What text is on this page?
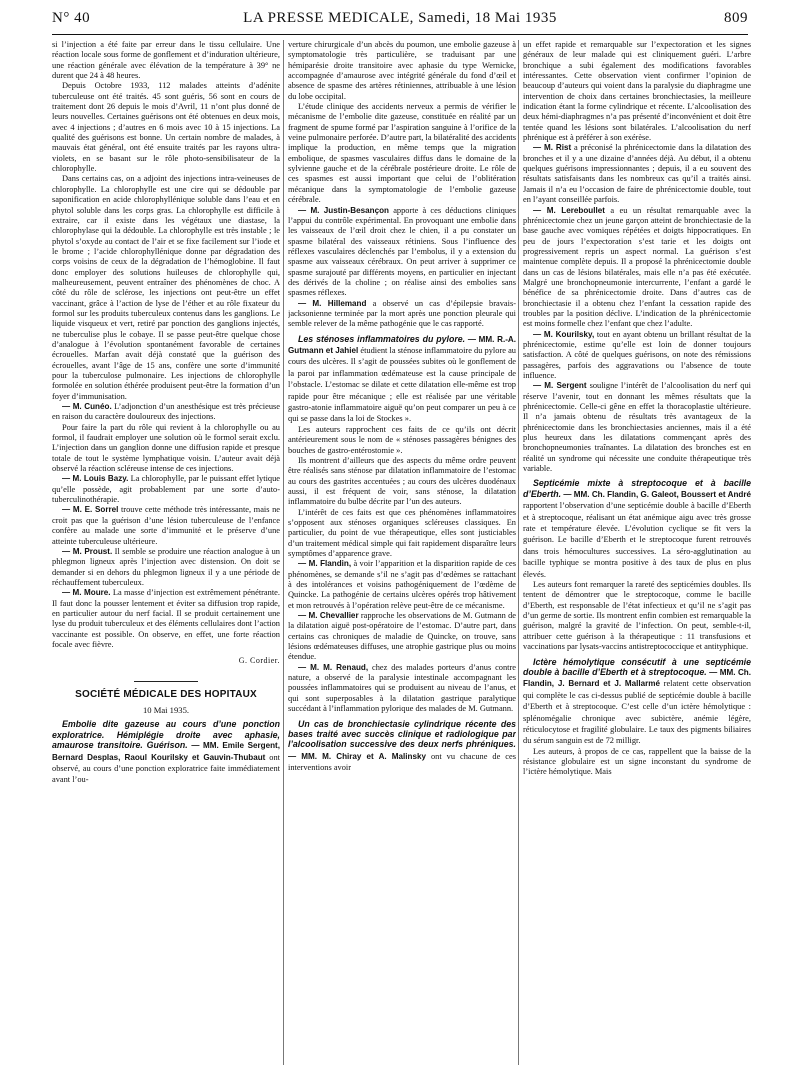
N° 40	LA PRESSE MEDICALE, Samedi, 18 Mai 1935	809

si l’injection a été faite par erreur dans le tissu cellulaire. Une réaction locale sous forme de gonflement et d’induration ultérieure, une réaction générale avec élévation de la température à 39° ne durent que 24 à 48 heures.

Depuis Octobre 1933, 112 malades atteints d’adénite tuberculeuse ont été traités. 45 sont guéris, 56 sont en cours de traitement dont 26 depuis le mois d’Avril, 11 n’ont plus donné de leurs nouvelles. Certaines guérisons ont été obtenues en deux mois, avec 4 injections ; d’autres en 6 mois avec 10 à 15 injections. La qualité des guérisons est bonne. Un certain nombre de malades, à mauvais état général, ont été ensuite traités par les rayons ultra-violets, en se basant sur le rôle photo-sensibilisateur de la chlorophylle.

Dans certains cas, on a adjoint des injections intra-veineuses de chlorophylle. La chlorophylle est une cire qui se dédouble par saponification en acide chlorophyllénique soluble dans l’eau et en phytol soluble dans les corps gras. La chlorophylle est difficile à extraire, car il existe dans les végétaux une diastase, la chlorophylase qui la dédouble. La chlorophylle est très instable ; le phytol s’oxyde au contact de l’air et se fixe facilement sur l’iode et le brome ; l’acide chlorophyllénique donne par dégradation des corps voisins de ceux de la dégradation de l’hémoglobine. Il faut donc employer des solutions huileuses de chlorophylle qui, malheureusement, peuvent entraîner des phénomènes de choc. A côté du rôle de sclérose, les injections ont peut-être un effet vaccinant, grâce à l’action de lyse de l’éther et au rôle fixateur du formol sur les produits tuberculeux contenus dans les ganglions. Le liquide visqueux et vert, retiré par ponction des ganglions injectés, ne tuberculise plus le cobaye. Il se passe peut-être quelque chose d’analogue à l’évolution spontanément favorable de certaines écrouelles. Marfan avait déjà constaté que la guérison des écrouelles, avant l’âge de 15 ans, confère une sorte d’immunité pour la tuberculose pulmonaire. Les injections de chlorophylle formolée en solution éthérée produisent peut-être la formation d’un foyer d’immunisation.

— M. Cunéo. L’adjonction d’un anesthésique est très précieuse en raison du caractère douloureux des injections.

Pour faire la part du rôle qui revient à la chlorophylle ou au formol, il faudrait employer une solution où le formol serait exclu. L’injection dans un ganglion donne une diffusion rapide et presque totale de tout le système lymphatique voisin. L’auteur avait déjà observé la réaction scléreuse intense de ces injections.

— M. Louis Bazy. La chlorophylle, par le puissant effet lytique qu’elle possède, agit probablement par une sorte d’auto-tuberculinothérapie.

— M. E. Sorrel trouve cette méthode très intéressante, mais ne croit pas que la guérison d’une lésion tuberculeuse de l’enfance confère au malade une sorte d’immunité et le préserve d’une atteinte tuberculeuse ultérieure.

— M. Proust. Il semble se produire une réaction analogue à un phlegmon ligneux après l’injection avec distension. On doit se demander si en dehors du phlegmon ligneux il y a une période de réchauffement tuberculeux.

— M. Moure. La masse d’injection est extrêmement pénétrante. Il faut donc la pousser lentement et éviter sa diffusion trop rapide, en particulier autour du nerf facial. Il se produit certainement une lyse du produit tuberculeux et des éléments cellulaires dont l’action vaccinante est possible. On observe, en effet, une forte réaction focale avec fièvre.

G. Cordier.
SOCIÉTÉ MÉDICALE DES HOPITAUX
10 Mai 1935.

Embolie dite gazeuse au cours d’une ponction exploratrice. Hémiplégie droite avec aphasie, amaurose transitoire. Guérison. — MM. Emile Sergent, Bernard Desplas, Raoul Kourilsky et Gauvin-Thubaut ont observé, au cours d’une ponction exploratrice faite immédiatement avant l’ou-

verture chirurgicale d’un abcès du poumon, une embolie gazeuse à symptomatologie très particulière, se traduisant par une hémiparésie droite transitoire avec aphasie du type Wernicke, accompagnée d’amaurose avec intégrité générale du fond d’œil et absence de spasme des artères rétiniennes, attribuable à une lésion du lobe occipital.

L’étude clinique des accidents nerveux a permis de vérifier le mécanisme de l’embolie dite gazeuse, constituée en réalité par un fragment de spume formé par l’aspiration sanguine à l’orifice de la veine pulmonaire perforée. D’autre part, la bilatéralité des accidents implique la production, en même temps que la migration embolique, de spasmes vasculaires diffus dans le domaine de la sylvienne gauche et de la cérébrale postérieure droite. Le rôle de ces spasmes est aussi important que celui de l’oblitération mécanique dans la symptomatologie de l’embolie gazeuse cérébrale.

— M. Justin-Besançon apporte à ces déductions cliniques l’appui du contrôle expérimental. En provoquant une embolie dans les vaisseaux de l’œil droit chez le chien, il a pu constater un spasme bilatéral des vaisseaux rétiniens. Sous l’influence des réflexes vasculaires déclenchés par l’embolus, il y a extension du spasme aux vaisseaux cérébraux. On peut arriver à supprimer ce spasme surajouté par différents moyens, en particulier en injectant des dérivés de la choline ; on réalise ainsi des embolies sans spasmes réflexes.

— M. Hillemand a observé un cas d’épilepsie bravais-jacksonienne terminée par la mort après une ponction pleurale qui semble relever de la même pathogénie que le cas rapporté.

Les sténoses inflammatoires du pylore. — MM. R.-A. Gutmann et Jahiel étudient la sténose inflammatoire du pylore au cours des ulcères. Il s’agit de poussées subites où le gonflement de la paroi par inflammation œdémateuse est la cause principale de l’obstacle. L’estomac se dilate et cette dilatation elle-même est trop rapide pour être mécanique ; elle est réalisée par une véritable gastro-atonie inflammatoire aiguë qu’on peut comparer un peu à ce qui se passe dans la loi de Stockes ».

Les auteurs rapprochent ces faits de ce qu’ils ont décrit antérieurement sous le nom de « sténoses passagères bénignes des bouches de gastro-entérostomie ».

Ils montrent d’ailleurs que des aspects du même ordre peuvent être réalisés sans sténose par dilatation inflammatoire de l’estomac au cours des gastrites accentuées ; au cours des ulcères duodénaux aussi, il est fréquent de voir, sans sténose, la dilatation inflammatoire du bulbe décrite par l’un des auteurs.

L’intérêt de ces faits est que ces phénomènes inflammatoires s’opposent aux sténoses organiques scléreuses classiques. En particulier, du point de vue thérapeutique, elles sont justiciables d’un traitement médical simple qui fait rapidement disparaître leurs symptômes d’apparence grave.

— M. Flandin, à voir l’apparition et la disparition rapide de ces phénomènes, se demande s’il ne s’agit pas d’œdèmes se rattachant à des intolérances et voisins pathogéniquement de l’œdème de Quincke. La pathogénie de certains ulcères opérés trop hâtivement et mon retrouvés à l’opération relève peut-être de ce mécanisme.

— M. Chevallier rapproche les observations de M. Gutmann de la dilatation aiguë post-opératoire de l’estomac. D’autre part, dans certains cas chroniques de maladie de Quincke, on trouve, sans lésions œdémateuses diffuses, une atrophie gastrique plus ou moins étendue.

— M. M. Renaud, chez des malades porteurs d’anus contre nature, a observé de la paralysie intestinale accompagnant les poussées inflammatoires qui se produisent au niveau de l’anus, et qui sont superposables à la dilatation gastrique paralytique succédant à l’inflammation pylorique des malades de M. Gutmann.

Un cas de bronchiectasie cylindrique récente des bases traité avec succès clinique et radiologique par l’alcoolisation successive des deux nerfs phréniques. — MM. M. Chiray et A. Malinsky ont vu chacune de ces interventions avoir

un effet rapide et remarquable sur l’expectoration et les signes généraux de leur malade qui est cliniquement guéri. L’arbre bronchique a subi également des modifications favorables intéressantes. Cette observation vient confirmer l’opinion de beaucoup d’auteurs qui voient dans la paralysie du diaphragme une intervention de choix dans certaines bronchiectasies, la meilleure indication étant la forme cylindrique et récente. L’alcoolisation des deux hémi-diaphragmes n’a pas présenté d’inconvénient et doit être tentée quand les lésions sont bilatérales. L’alcoolisation du nerf phrénique est à préférer à son exérèse.

— M. Rist a préconisé la phrénicectomie dans la dilatation des bronches et il y a une dizaine d’années déjà. Au début, il a obtenu quelques guérisons impressionnantes ; depuis, il a eu souvent des résultats satisfaisants dans les nombreux cas qu’il a traités ainsi. Jamais il n’a eu l’occasion de faire de phrénicectomie double, tout en l’ayant conseillée parfois.

— M. Lereboullet a eu un résultat remarquable avec la phrénicectomie chez un jeune garçon atteint de bronchiectasie de la base gauche avec vomiques répétées et doigts hippocratiques. En peu de jours l’expectoration s’est tarie et les doigts ont progressivement repris un aspect normal. La guérison s’est maintenue complète depuis. Il a proposé la phrénicectomie double dans un cas de lésions bilatérales, mais elle n’a pas été exécutée. Malgré une bronchopneumonie intercurrente, l’enfant a gardé le bénéfice de sa phrénicectomie droite. Dans d’autres cas de bronchiectasie il a obtenu chez l’enfant la cessation rapide des troubles par la position déclive. L’indication de la phrénicectomie est moins formelle chez l’enfant que chez l’adulte.

— M. Kourilsky, tout en ayant obtenu un brillant résultat de la phrénicectomie, estime qu’elle est loin de donner toujours satisfaction. A côté de quelques guérisons, on note des rémissions passagères, parfois des aggravations ou l’absence de toute influence.

— M. Sergent souligne l’intérêt de l’alcoolisation du nerf qui réserve l’avenir, tout en donnant les mêmes résultats que la phrénicectomie. Celle-ci gêne en effet la thoracoplastie ultérieure. Il n’a jamais obtenu de résultats très avantageux de la phrénicectomie dans les bronchiectasies anciennes, mais il a été plus heureux dans les dilatations commençant après des bronchopneumonies traînantes. La dilatation des bronches est en réalité un syndrome qui nécessite une conduite thérapeutique très variable.

Septicémie mixte à streptocoque et à bacille d’Eberth. — MM. Ch. Flandin, G. Galeot, Boussert et André rapportent l’observation d’une septicémie double à bacille d’Eberth et à streptocoque, réalisant un état anémique aigu avec très grosse rate et température élevée. L’évolution cyclique se fit vers la guérison. Le bacille d’Eberth et le streptocoque furent retrouvés dans trois hémocultures successives. La séro-agglutination au bacille typhique se montra positive à des taux de plus en plus élevés.

Les auteurs font remarquer la rareté des septicémies doubles. Ils tentent de démontrer que le streptocoque, comme le bacille d’Eberth, est responsable de l’état infectieux et qu’il ne s’agit pas d’un germe de sortie. Ils montrent enfin combien est remarquable la guérison, malgré la gravité de l’infection. On peut, semble-t-il, attribuer cette guérison à la thérapeutique : 11 transfusions et vaccinations par lysats-vaccins antistreptococcique et antityphique.

Ictère hémolytique consécutif à une septicémie double à bacille d’Eberth et à streptocoque. — MM. Ch. Flandin, J. Bernard et J. Mallarmé relatent cette observation qui complète le cas ci-dessus publié de septicémie double à bacille d’Eberth et à streptocoque. C’est celle d’un ictère hémolytique : splénomégalie chronique avec subictère, anémie légère, réticulocytose et fragilité globulaire. Le taux des pigments biliaires du sérum sanguin est de 72 milligr.

Les auteurs, à propos de ce cas, rappellent que la baisse de la résistance globulaire est un signe inconstant du syndrome de l’ictère hémolytique. Mais
